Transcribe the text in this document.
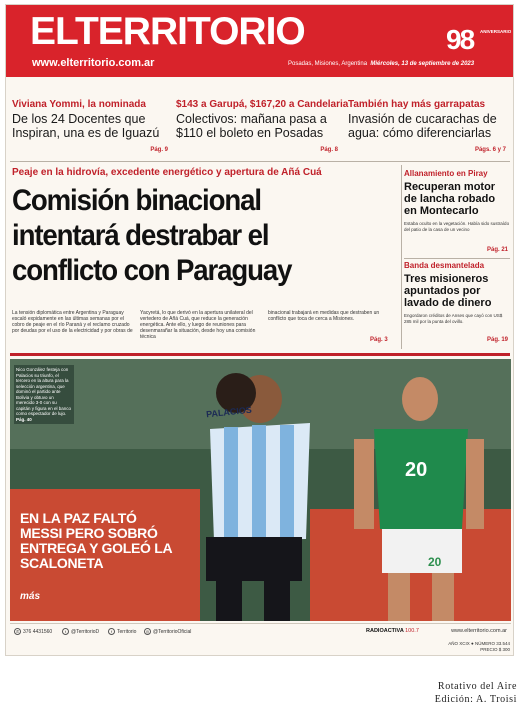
ELTERRITORIO
www.elterritorio.com.ar	Posadas, Misiones, Argentina Miércoles, 13 de septiembre de 2023
98 ANIVERSARIO
Viviana Yommi, la nominada
De los 24 Docentes que Inspiran, una es de Iguazú
Pág. 9
$143 a Garupá, $167,20 a Candelaria
Colectivos: mañana pasa a $110 el boleto en Posadas
Pág. 8
También hay más garrapatas
Invasión de cucarachas de agua: cómo diferenciarlas
Págs. 6 y 7
Peaje en la hidrovía, excedente energético y apertura de Añá Cuá
Comisión binacional intentará destrabar el conflicto con Paraguay
La tensión diplomática entre Argentina y Paraguay escaló expidamente en las últimas semanas por el cobro de peaje en el río Paraná y el reclamo cruzado por deudas por el uso de la electricidad y por obras de
Yacyretá, lo que derivó en la apertura unilateral del vertedero de Añá Cuá, que reduce la generación energética. Ante ello, y luego de reuniones para desenmarañar la situación, desde hoy una comisión técnica
binacional trabajará en medidas que destraben un conflicto que toca de cerca a Misiones.
Pág. 3
Allanamiento en Piray
Recuperan motor de lancha robado en Montecarlo
Estaba oculto en la vegetación. Había sido sustraído del patio de la casa de un vecino
Pág. 21
Banda desmantelada
Tres misioneros apuntados por lavado de dinero
Engordaron créditos de Anses que cayó con US$ 285 mil por la punta del ovillo.
Pág. 19
Nico González festeja con Palacios su triunfo, el tercero en la altura para la selección argentina, que dominó el partido ante Bolivia y obtuvo un merecido 3-0 con su capitán y figura en el banco como espectador de lujo. Pág. 40	PALACIOS
20
20
EN LA PAZ FALTÓ MESSI PERO SOBRÓ ENTREGA Y GOLEÓ LA SCALONETA
más
✆ 376 4431560	t @TerritorioD	f Territorio	◎ @TerritorioOficial	RADIOACTIVA 100.7	www.elterritorio.com.ar
AÑO XCIX ● NÚMERO 33.544
PRECIO $ 300
Rotativo del Aire
Edición: A. Troisi
